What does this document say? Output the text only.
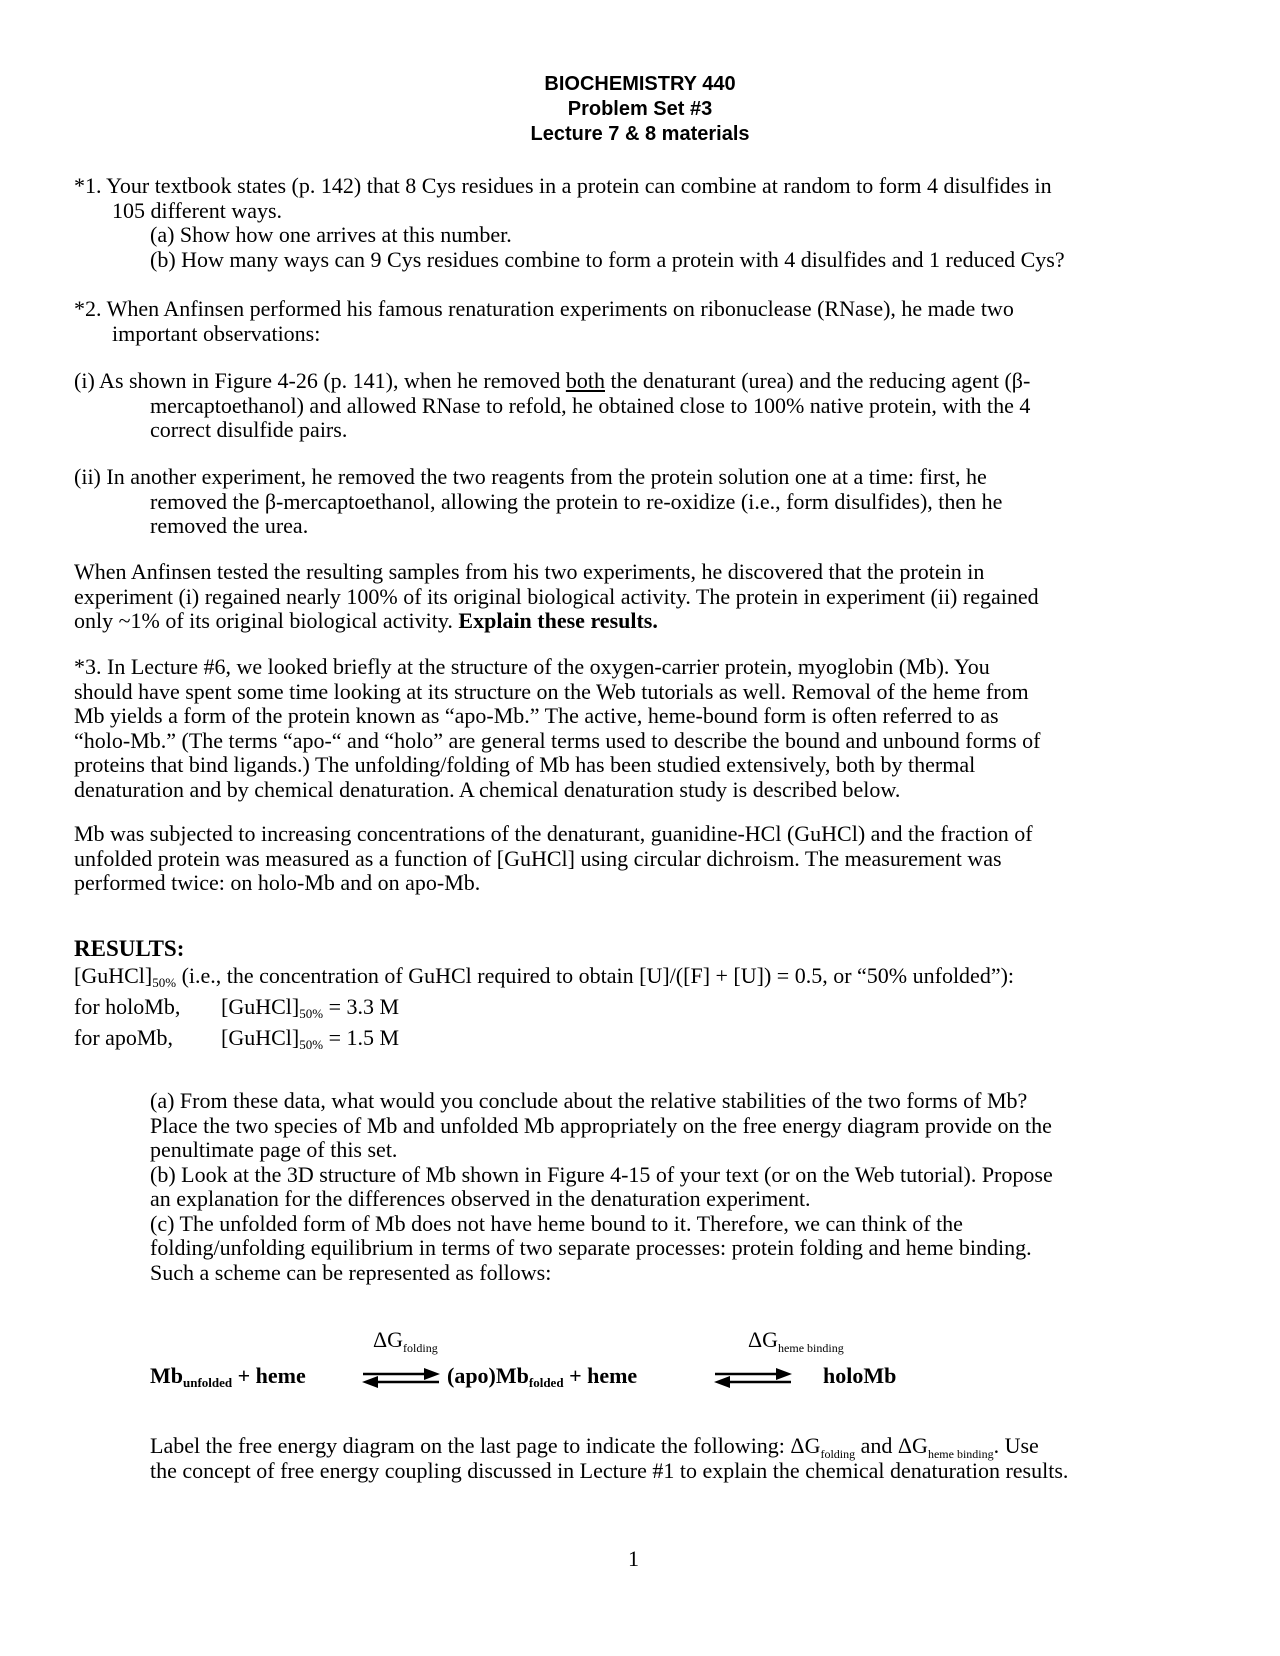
BIOCHEMISTRY 440
Problem Set #3
Lecture 7 & 8 materials
*1. Your textbook states (p. 142) that 8 Cys residues in a protein can combine at random to form 4 disulfides in
105 different ways.
(a) Show how one arrives at this number.
(b) How many ways can 9 Cys residues combine to form a protein with 4 disulfides and 1 reduced Cys?
*2. When Anfinsen performed his famous renaturation experiments on ribonuclease (RNase), he made two
important observations:
(i) As shown in Figure 4-26 (p. 141), when he removed both the denaturant (urea) and the reducing agent (β-
mercaptoethanol) and allowed RNase to refold, he obtained close to 100% native protein, with the 4
correct disulfide pairs.
(ii) In another experiment, he removed the two reagents from the protein solution one at a time: first, he
removed the β-mercaptoethanol, allowing the protein to re-oxidize (i.e., form disulfides), then he
removed the urea.
When Anfinsen tested the resulting samples from his two experiments, he discovered that the protein in
experiment (i) regained nearly 100% of its original biological activity. The protein in experiment (ii) regained
only ~1% of its original biological activity. Explain these results.
*3. In Lecture #6, we looked briefly at the structure of the oxygen-carrier protein, myoglobin (Mb). You
should have spent some time looking at its structure on the Web tutorials as well. Removal of the heme from
Mb yields a form of the protein known as “apo-Mb.” The active, heme-bound form is often referred to as
“holo-Mb.” (The terms “apo-“ and “holo” are general terms used to describe the bound and unbound forms of
proteins that bind ligands.) The unfolding/folding of Mb has been studied extensively, both by thermal
denaturation and by chemical denaturation. A chemical denaturation study is described below.
Mb was subjected to increasing concentrations of the denaturant, guanidine-HCl (GuHCl) and the fraction of
unfolded protein was measured as a function of [GuHCl] using circular dichroism. The measurement was
performed twice: on holo-Mb and on apo-Mb.
RESULTS:
$[GuHCl]_{50\%}$ (i.e., the concentration of GuHCl required to obtain [U]/([F] + [U]) = 0.5, or “50% unfolded”):
for holoMb, $[GuHCl]_{50\%} = 3.3$ M
for apoMb, $[GuHCl]_{50\%} = 1.5$ M
(a) From these data, what would you conclude about the relative stabilities of the two forms of Mb?
Place the two species of Mb and unfolded Mb appropriately on the free energy diagram provide on the
penultimate page of this set.
(b) Look at the 3D structure of Mb shown in Figure 4-15 of your text (or on the Web tutorial). Propose
an explanation for the differences observed in the denaturation experiment.
(c) The unfolded form of Mb does not have heme bound to it. Therefore, we can think of the
folding/unfolding equilibrium in terms of two separate processes: protein folding and heme binding.
Such a scheme can be represented as follows:
$\Delta G_{folding}$	$\Delta G_{heme binding}$
$Mb_{unfolded}$ + heme	$(apo)Mb_{folded}$ + heme	holoMb
Label the free energy diagram on the last page to indicate the following: $\Delta G_{folding}$ and $\Delta G_{heme binding}$. Use
the concept of free energy coupling discussed in Lecture #1 to explain the chemical denaturation results.
1
